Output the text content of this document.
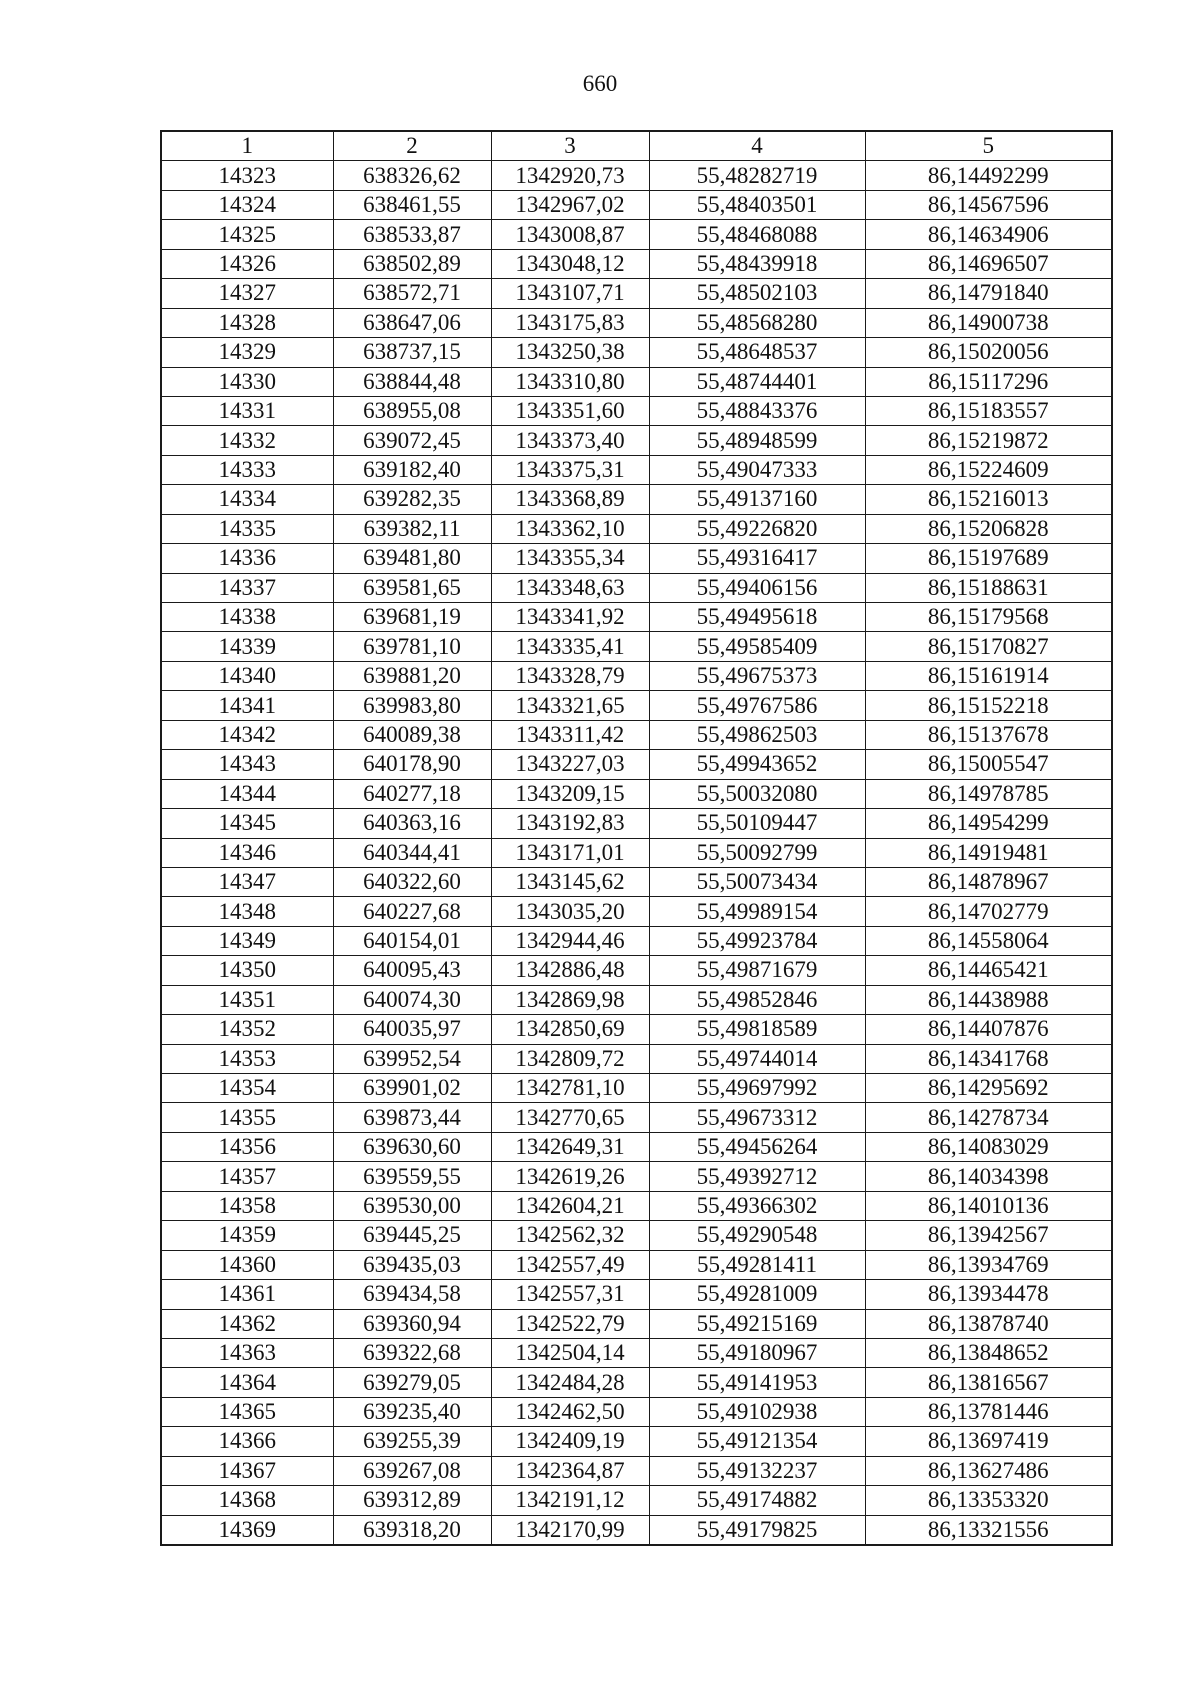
660
1	2	3	4	5
14323	638326,62	1342920,73	55,48282719	86,14492299
14324	638461,55	1342967,02	55,48403501	86,14567596
14325	638533,87	1343008,87	55,48468088	86,14634906
14326	638502,89	1343048,12	55,48439918	86,14696507
14327	638572,71	1343107,71	55,48502103	86,14791840
14328	638647,06	1343175,83	55,48568280	86,14900738
14329	638737,15	1343250,38	55,48648537	86,15020056
14330	638844,48	1343310,80	55,48744401	86,15117296
14331	638955,08	1343351,60	55,48843376	86,15183557
14332	639072,45	1343373,40	55,48948599	86,15219872
14333	639182,40	1343375,31	55,49047333	86,15224609
14334	639282,35	1343368,89	55,49137160	86,15216013
14335	639382,11	1343362,10	55,49226820	86,15206828
14336	639481,80	1343355,34	55,49316417	86,15197689
14337	639581,65	1343348,63	55,49406156	86,15188631
14338	639681,19	1343341,92	55,49495618	86,15179568
14339	639781,10	1343335,41	55,49585409	86,15170827
14340	639881,20	1343328,79	55,49675373	86,15161914
14341	639983,80	1343321,65	55,49767586	86,15152218
14342	640089,38	1343311,42	55,49862503	86,15137678
14343	640178,90	1343227,03	55,49943652	86,15005547
14344	640277,18	1343209,15	55,50032080	86,14978785
14345	640363,16	1343192,83	55,50109447	86,14954299
14346	640344,41	1343171,01	55,50092799	86,14919481
14347	640322,60	1343145,62	55,50073434	86,14878967
14348	640227,68	1343035,20	55,49989154	86,14702779
14349	640154,01	1342944,46	55,49923784	86,14558064
14350	640095,43	1342886,48	55,49871679	86,14465421
14351	640074,30	1342869,98	55,49852846	86,14438988
14352	640035,97	1342850,69	55,49818589	86,14407876
14353	639952,54	1342809,72	55,49744014	86,14341768
14354	639901,02	1342781,10	55,49697992	86,14295692
14355	639873,44	1342770,65	55,49673312	86,14278734
14356	639630,60	1342649,31	55,49456264	86,14083029
14357	639559,55	1342619,26	55,49392712	86,14034398
14358	639530,00	1342604,21	55,49366302	86,14010136
14359	639445,25	1342562,32	55,49290548	86,13942567
14360	639435,03	1342557,49	55,49281411	86,13934769
14361	639434,58	1342557,31	55,49281009	86,13934478
14362	639360,94	1342522,79	55,49215169	86,13878740
14363	639322,68	1342504,14	55,49180967	86,13848652
14364	639279,05	1342484,28	55,49141953	86,13816567
14365	639235,40	1342462,50	55,49102938	86,13781446
14366	639255,39	1342409,19	55,49121354	86,13697419
14367	639267,08	1342364,87	55,49132237	86,13627486
14368	639312,89	1342191,12	55,49174882	86,13353320
14369	639318,20	1342170,99	55,49179825	86,13321556
